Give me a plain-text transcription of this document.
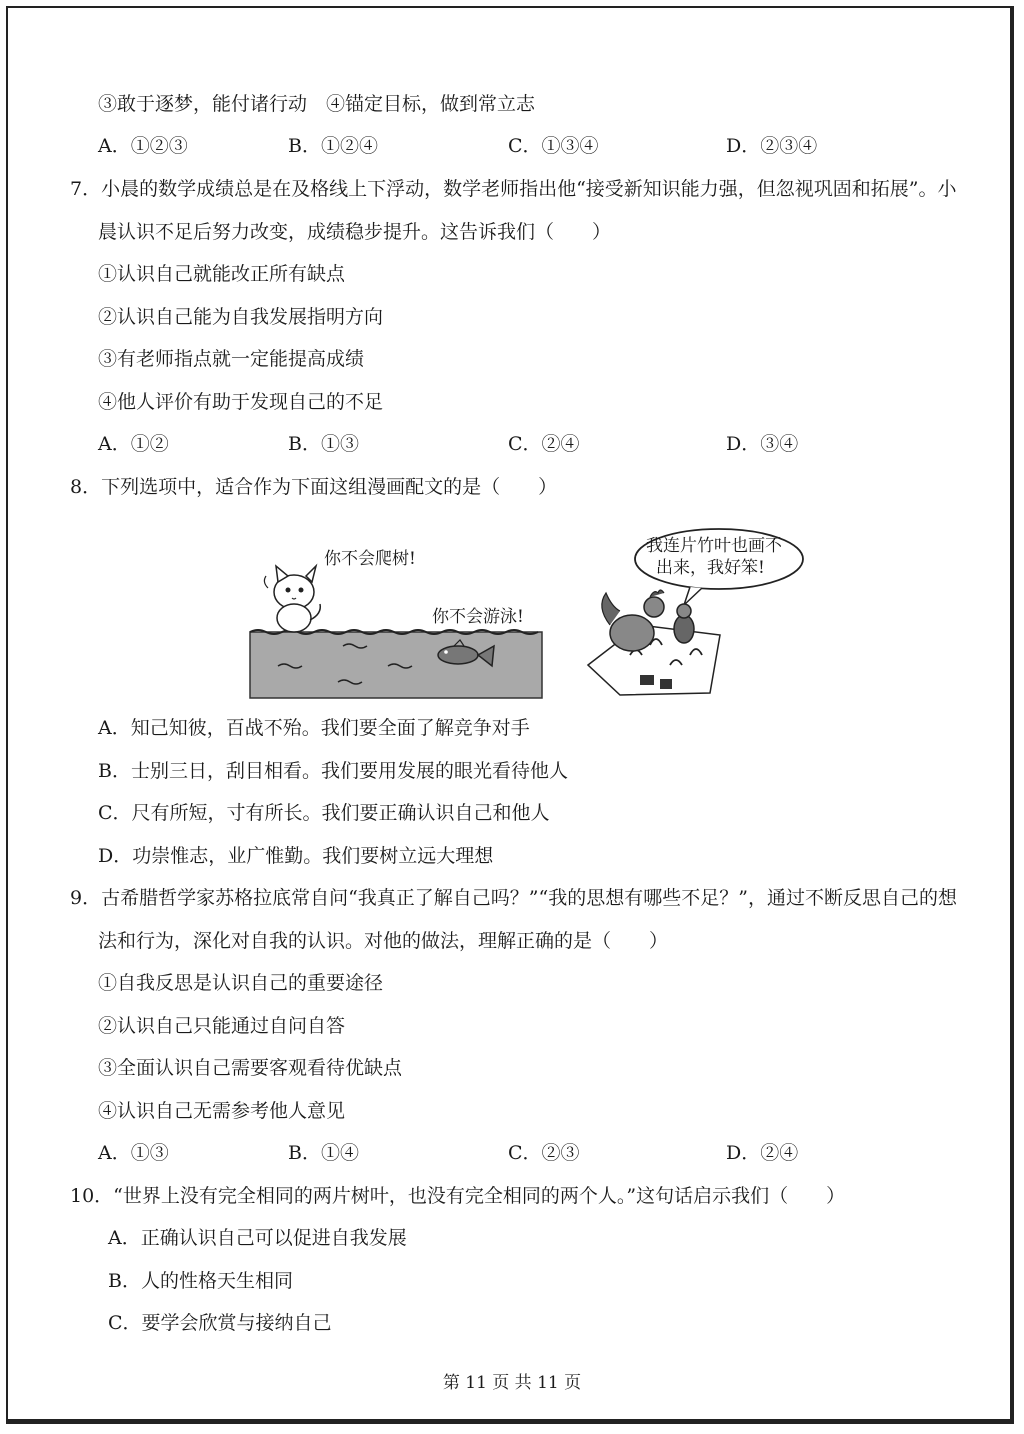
③敢于逐梦，能付诸行动　④锚定目标，做到常立志
A．①②③	B．①②④	C．①③④	D．②③④
7．小晨的数学成绩总是在及格线上下浮动，数学老师指出他“接受新知识能力强，但忽视巩固和拓展”。小
晨认识不足后努力改变，成绩稳步提升。这告诉我们（　　）
①认识自己就能改正所有缺点
②认识自己能为自我发展指明方向
③有老师指点就一定能提高成绩
④他人评价有助于发现自己的不足
A．①②	B．①③	C．②④	D．③④
8．下列选项中，适合作为下面这组漫画配文的是（　　）
你不会爬树!
你不会游泳!
我连片竹叶也画不
出来，我好笨!
A．知己知彼，百战不殆。我们要全面了解竞争对手
B．士别三日，刮目相看。我们要用发展的眼光看待他人
C．尺有所短，寸有所长。我们要正确认识自己和他人
D．功崇惟志，业广惟勤。我们要树立远大理想
9．古希腊哲学家苏格拉底常自问“我真正了解自己吗？”“我的思想有哪些不足？”，通过不断反思自己的想
法和行为，深化对自我的认识。对他的做法，理解正确的是（　　）
①自我反思是认识自己的重要途径
②认识自己只能通过自问自答
③全面认识自己需要客观看待优缺点
④认识自己无需参考他人意见
A．①③	B．①④	C．②③	D．②④
10．“世界上没有完全相同的两片树叶，也没有完全相同的两个人。”这句话启示我们（　　）
A．正确认识自己可以促进自我发展
B．人的性格天生相同
C．要学会欣赏与接纳自己
第 11 页 共 11 页
